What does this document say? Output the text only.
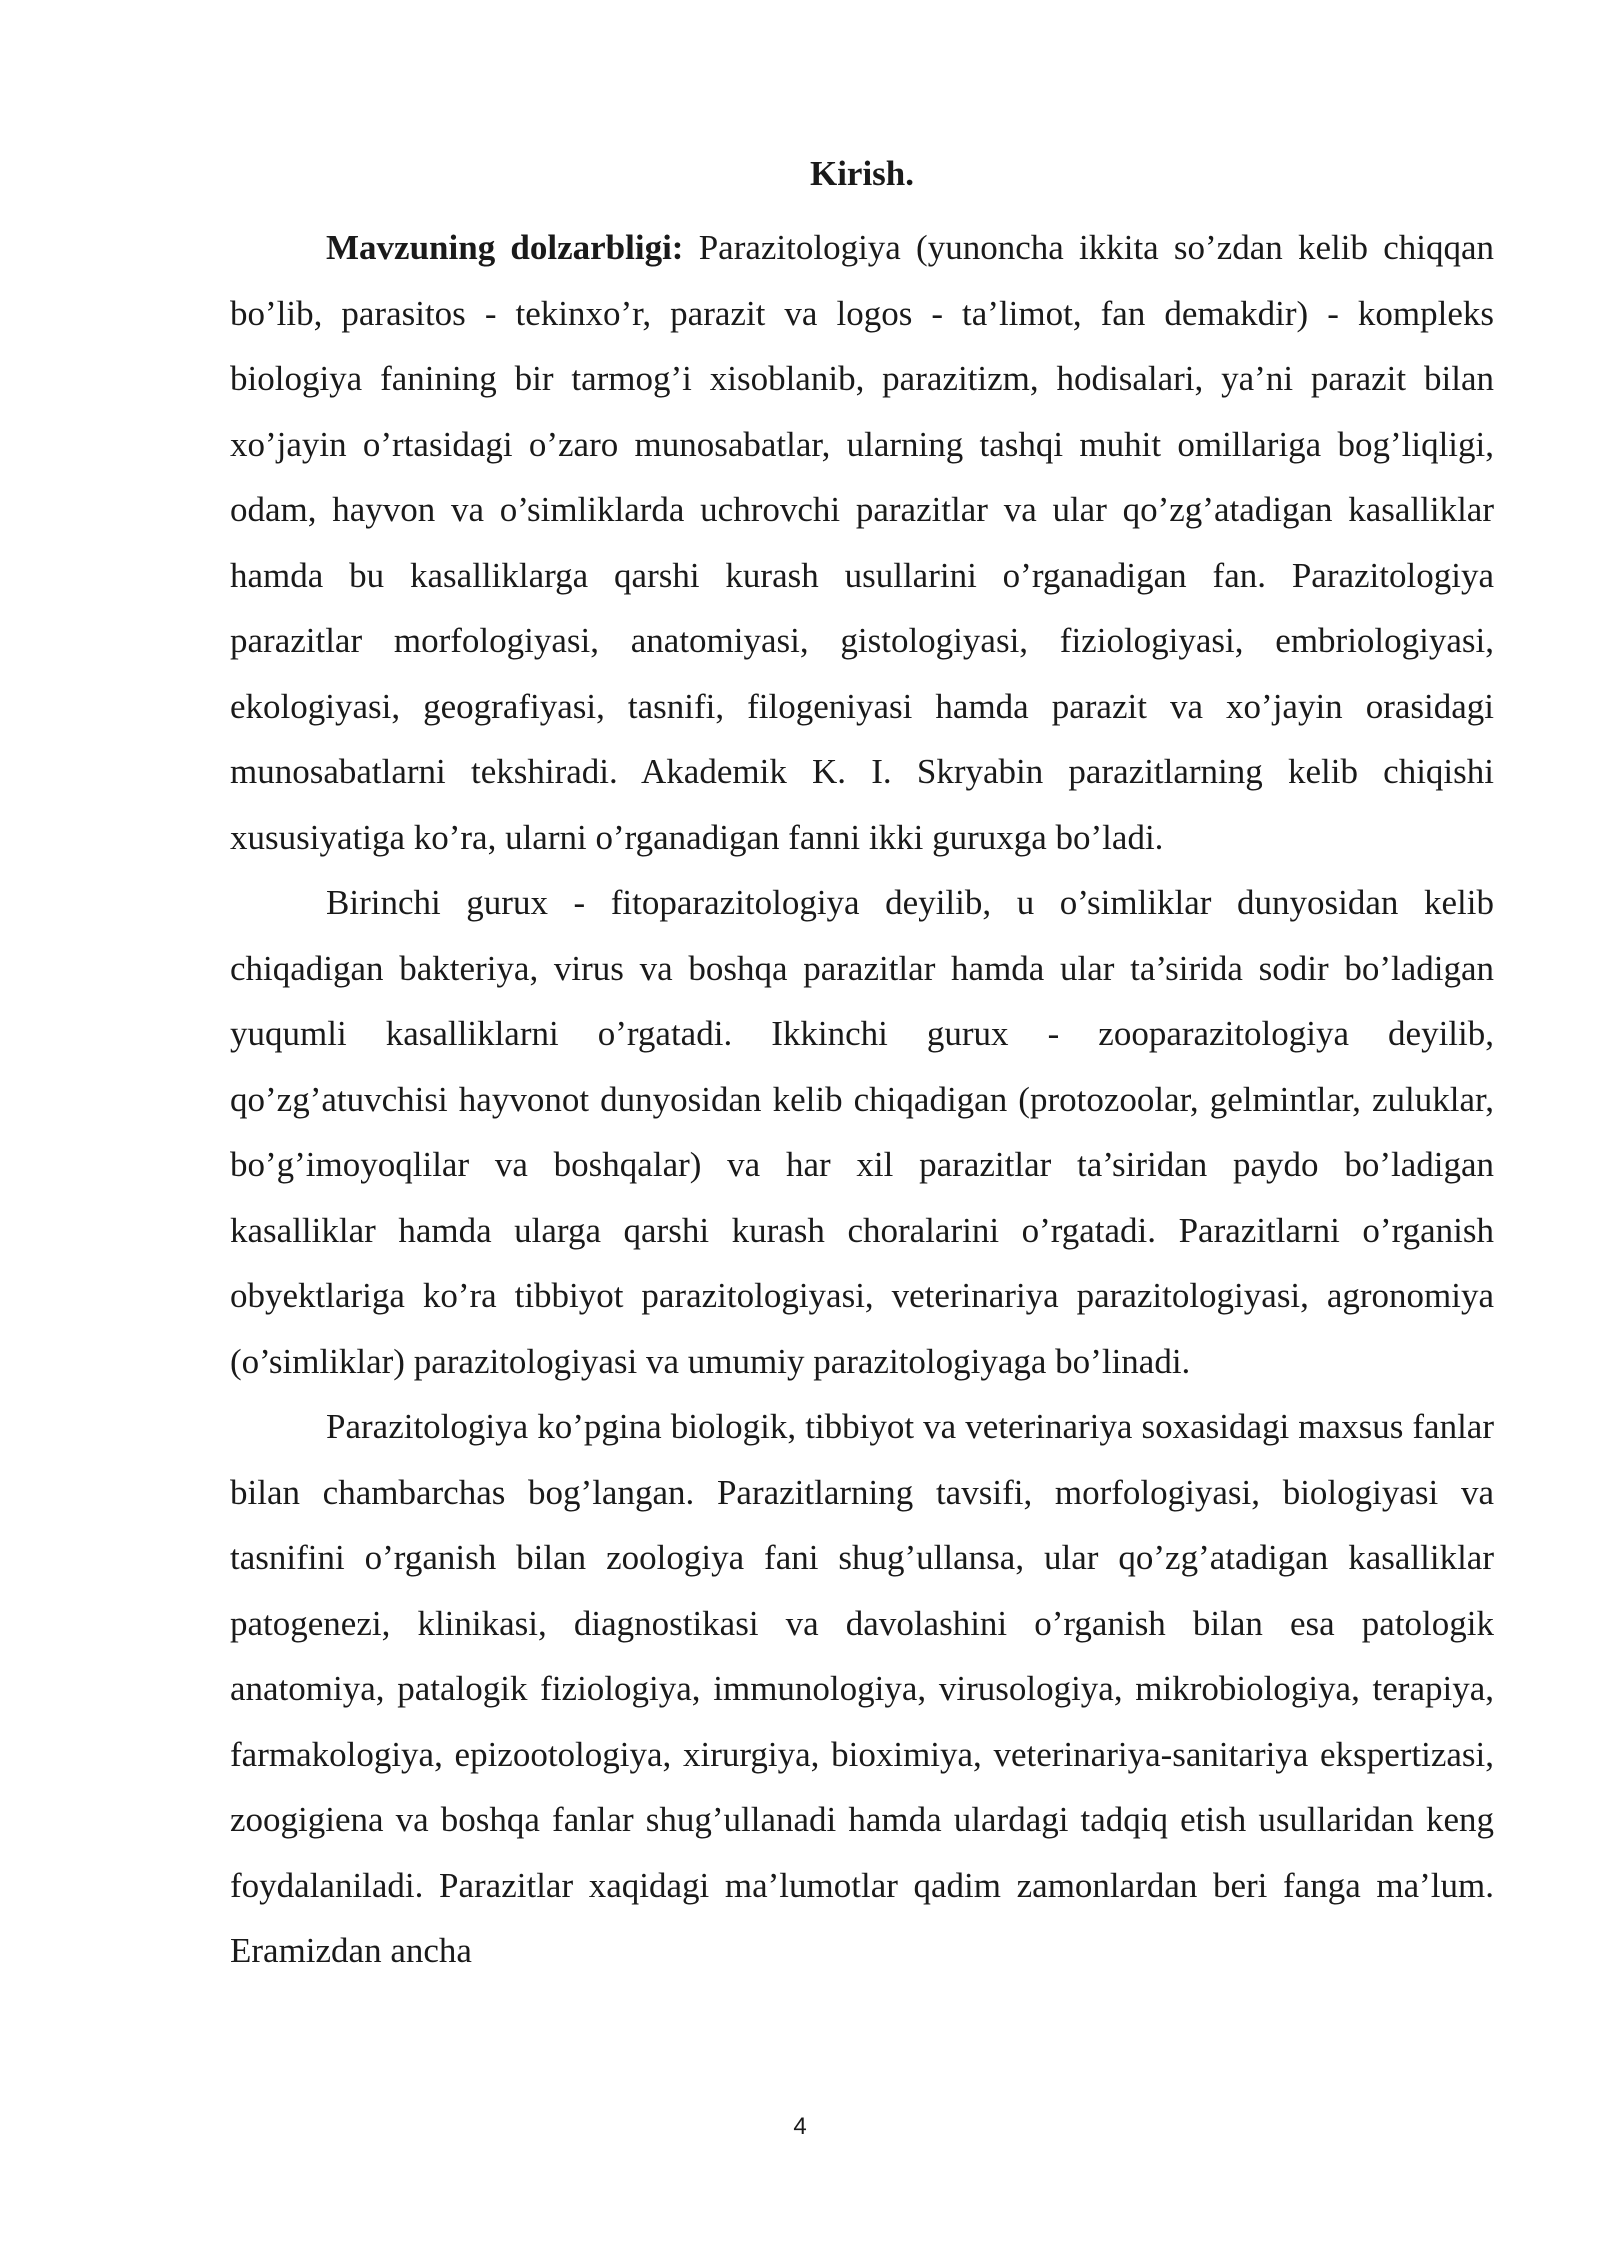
Kirish.

Mavzuning dolzarbligi: Parazitologiya (yunoncha ikkita so’zdan kelib chiqqan bo’lib, parasitos - tekinxo’r, parazit va logos - ta’limot, fan demakdir) - kompleks biologiya fanining bir tarmog’i xisoblanib, parazitizm, hodisalari, ya’ni parazit bilan xo’jayin o’rtasidagi o’zaro munosabatlar, ularning tashqi muhit omillariga bog’liqligi, odam, hayvon va o’simliklarda uchrovchi parazitlar va ular qo’zg’atadigan kasalliklar hamda bu kasalliklarga qarshi kurash usullarini o’rganadigan fan. Parazitologiya parazitlar morfologiyasi, anatomiyasi, gistologiyasi, fiziologiyasi, embriologiyasi, ekologiyasi, geografiyasi, tasnifi, filogeniyasi hamda parazit va xo’jayin orasidagi munosabatlarni tekshiradi. Akademik K. I. Skryabin parazitlarning kelib chiqishi xususiyatiga ko’ra, ularni o’rganadigan fanni ikki guruxga bo’ladi.

Birinchi gurux - fitoparazitologiya deyilib, u o’simliklar dunyosidan kelib chiqadigan bakteriya, virus va boshqa parazitlar hamda ular ta’sirida sodir bo’ladigan yuqumli kasalliklarni o’rgatadi. Ikkinchi gurux - zooparazitologiya deyilib, qo’zg’atuvchisi hayvonot dunyosidan kelib chiqadigan (protozoolar, gelmintlar, zuluklar, bo’g’imoyoqlilar va boshqalar) va har xil parazitlar ta’siridan paydo bo’ladigan kasalliklar hamda ularga qarshi kurash choralarini o’rgatadi. Parazitlarni o’rganish obyektlariga ko’ra tibbiyot parazitologiyasi, veterinariya parazitologiyasi, agronomiya (o’simliklar) parazitologiyasi va umumiy parazitologiyaga bo’linadi.

Parazitologiya ko’pgina biologik, tibbiyot va veterinariya soxasidagi maxsus fanlar bilan chambarchas bog’langan. Parazitlarning tavsifi, morfologiyasi, biologiyasi va tasnifini o’rganish bilan zoologiya fani shug’ullansa, ular qo’zg’atadigan kasalliklar patogenezi, klinikasi, diagnostikasi va davolashini o’rganish bilan esa patologik anatomiya, patalogik fiziologiya, immunologiya, virusologiya, mikrobiologiya, terapiya, farmakologiya, epizootologiya, xirurgiya, bioximiya, veterinariya-sanitariya ekspertizasi, zoogigiena va boshqa fanlar shug’ullanadi hamda ulardagi tadqiq etish usullaridan keng foydalaniladi. Parazitlar xaqidagi ma’lumotlar qadim zamonlardan beri fanga ma’lum. Eramizdan ancha

4
